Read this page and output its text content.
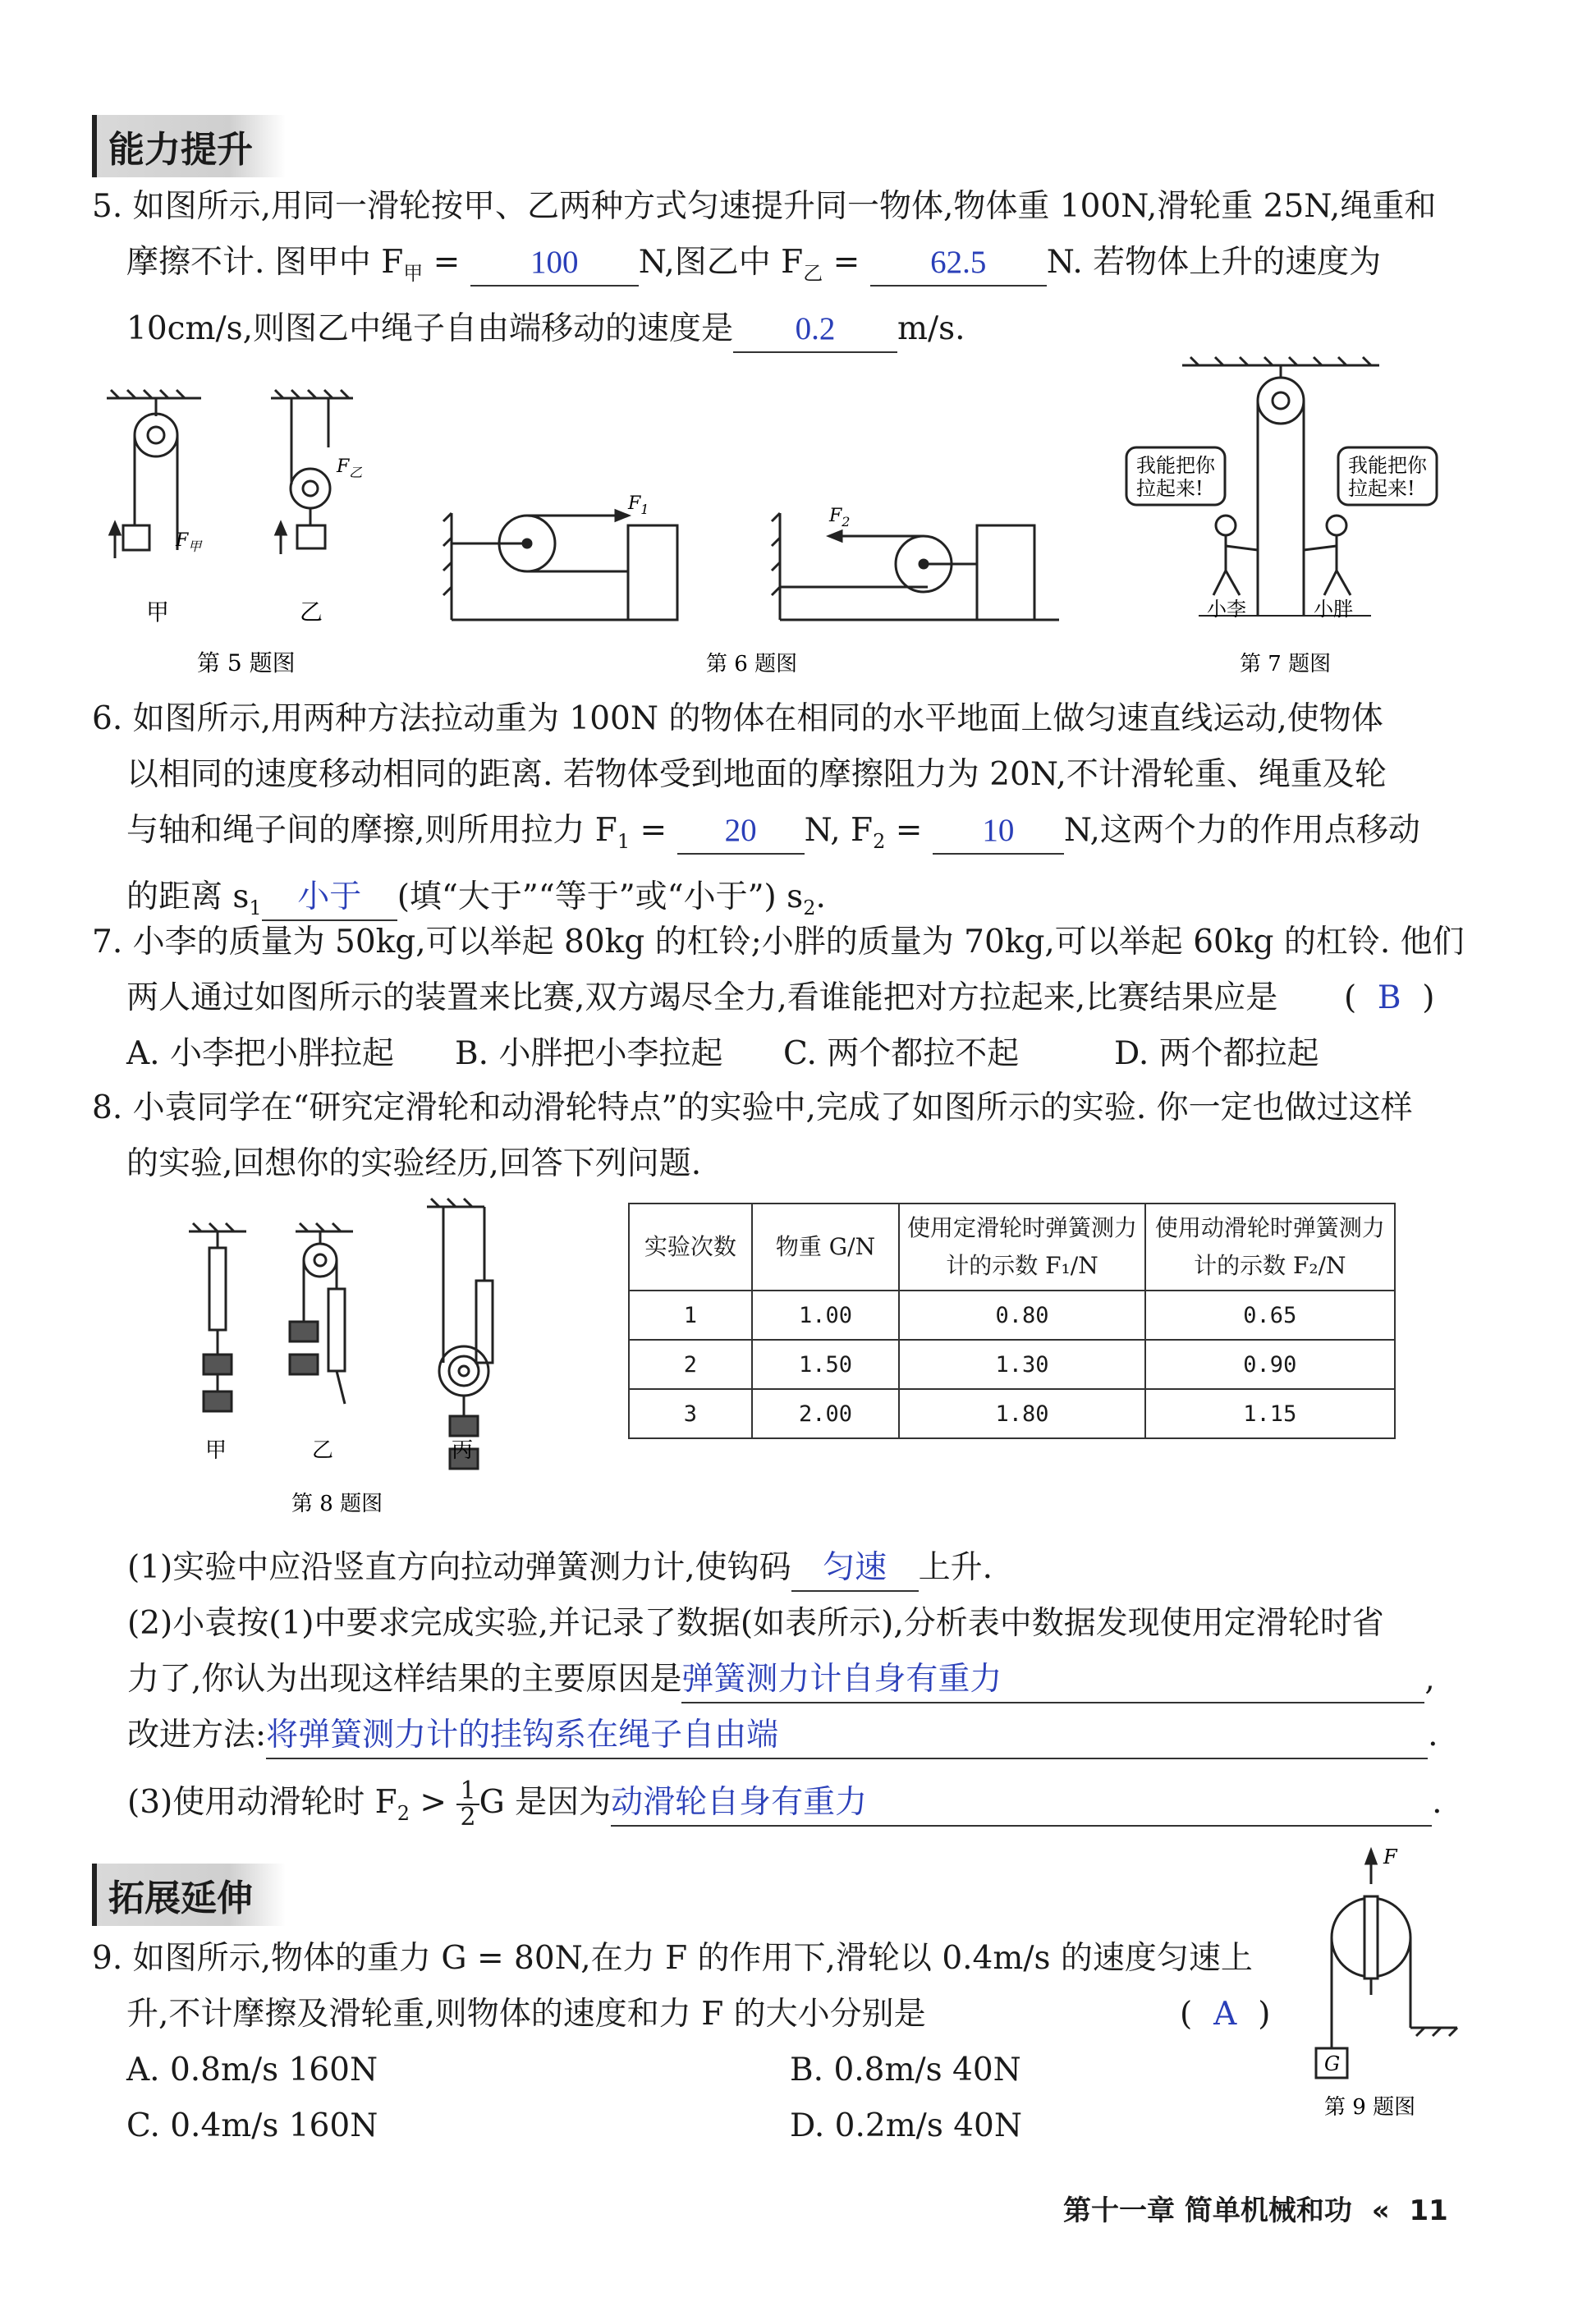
能力提升
5. 如图所示,用同一滑轮按甲、乙两种方式匀速提升同一物体,物体重 100N,滑轮重 25N,绳重和
摩擦不计. 图甲中 $F_甲 = 100$ N,图乙中 $F_乙 = 62.5$ N. 若物体上升的速度为
10cm/s,则图乙中绳子自由端移动的速度是 0.2 m/s.
$F_甲$
甲
$F_乙$
乙
第 5 题图
$F_1$	$F_2$
第 6 题图
我能把你
拉起来!
我能把你
拉起来!
小李	小胖
第 7 题图
6. 如图所示,用两种方法拉动重为 100N 的物体在相同的水平地面上做匀速直线运动,使物体
以相同的速度移动相同的距离. 若物体受到地面的摩擦阻力为 20N,不计滑轮重、绳重及轮
与轴和绳子间的摩擦,则所用拉力 $F_1 = 20$ N, $F_2 = 10$ N,这两个力的作用点移动
的距离 $s_1$ 小于 (填“大于”“等于”或“小于”) $s_2$.
7. 小李的质量为 50kg,可以举起 80kg 的杠铃;小胖的质量为 70kg,可以举起 60kg 的杠铃. 他们
两人通过如图所示的装置来比赛,双方竭尽全力,看谁能把对方拉起来,比赛结果应是 ( B )
A. 小李把小胖拉起 B. 小胖把小李拉起 C. 两个都拉不起	D. 两个都拉起
8. 小袁同学在“研究定滑轮和动滑轮特点”的实验中,完成了如图所示的实验. 你一定也做过这样
的实验,回想你的实验经历,回答下列问题.
甲	乙	丙
第 8 题图
实验次数	物重 G/N	使用定滑轮时弹簧测力计的示数 F₁/N	使用动滑轮时弹簧测力计的示数 F₂/N
1	1.00	0.80	0.65
2	1.50	1.30	0.90
3	2.00	1.80	1.15
(1)实验中应沿竖直方向拉动弹簧测力计,使钩码 匀速 上升.
(2)小袁按(1)中要求完成实验,并记录了数据(如表所示),分析表中数据发现使用定滑轮时省
力了,你认为出现这样结果的主要原因是弹簧测力计自身有重力	,
改进方法:将弹簧测力计的挂钩系在绳子自由端	.
(3)使用动滑轮时 $F_2 > \frac{1}{2}$ G 是因为动滑轮自身有重力	.
拓展延伸
9. 如图所示,物体的重力 G = 80N,在力 F 的作用下,滑轮以 0.4m/s 的速度匀速上
升,不计摩擦及滑轮重,则物体的速度和力 F 的大小分别是	( A )
A. 0.8m/s 160N	B. 0.8m/s 40N
C. 0.4m/s 160N	D. 0.2m/s 40N
F
G
第 9 题图
第十一章 简单机械和功 « 11
